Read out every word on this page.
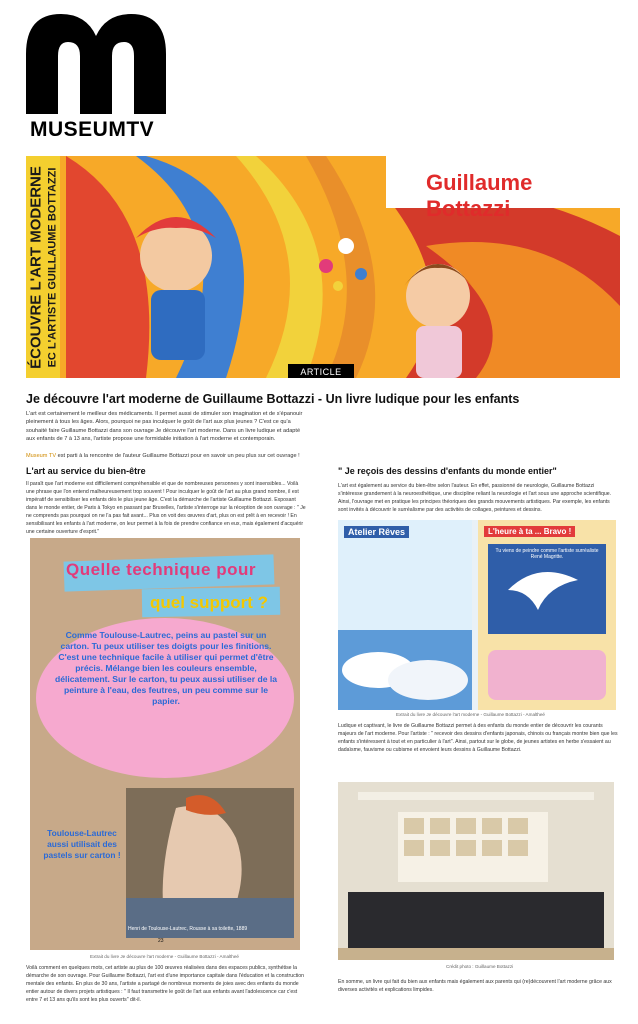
MUSEUMTV
ÉCOUVRE L'ART MODERNE EC L'ARTISTE GUILLAUME BOTTAZZI	Guillaume Bottazzi
ARTICLE
Je découvre l'art moderne de Guillaume Bottazzi - Un livre ludique pour les enfants
L'art est certainement le meilleur des médicaments. Il permet aussi de stimuler son imagination et de s'épanouir pleinement à tous les âges. Alors, pourquoi ne pas inculquer le goût de l'art aux plus jeunes ? C'est ce qu'a souhaité faire Guillaume Bottazzi dans son ouvrage Je découvre l'art moderne. Dans un livre ludique et adapté aux enfants de 7 à 13 ans, l'artiste propose une formidable initiation à l'art moderne et contemporain.
Museum TV est parti à la rencontre de l'auteur Guillaume Bottazzi pour en savoir un peu plus sur cet ouvrage !
L'art au service du bien-être
Il paraît que l'art moderne est difficilement compréhensible et que de nombreuses personnes y sont insensibles... Voilà une phrase que l'on entend malheureusement trop souvent ! Pour inculquer le goût de l'art au plus grand nombre, il est impératif de sensibiliser les enfants dès le plus jeune âge. C'est la démarche de l'artiste Guillaume Bottazzi. Exposant dans le monde entier, de Paris à Tokyo en passant par Bruxelles, l'artiste s'interroge sur la réception de son ouvrage : " Je ne comprends pas pourquoi on ne l'a pas fait avant... Plus on voit des œuvres d'art, plus on est prêt à en recevoir ! En sensibilisant les enfants à l'art moderne, on leur permet à la fois de prendre confiance en eux, mais également d'acquérir une certaine ouverture d'esprit."
Quelle technique pour
quel support ?
Comme Toulouse-Lautrec, peins au pastel sur un carton. Tu peux utiliser tes doigts pour les finitions. C'est une technique facile à utiliser qui permet d'être précis. Mélange bien les couleurs ensemble, délicatement. Sur le carton, tu peux aussi utiliser de la peinture à l'eau, des feutres, un peu comme sur le papier.
Henri de Toulouse-Lautrec, Rousse à sa toilette, 1889
Toulouse-Lautrec aussi utilisait des pastels sur carton !
23
Extrait du livre Je découvre l'art moderne - Guillaume Bottazzi - Amaltheé
Voilà comment en quelques mots, cet artiste au plus de 100 œuvres réalisées dans des espaces publics, synthétise la démarche de son ouvrage. Pour Guillaume Bottazzi, l'art est d'une importance capitale dans l'éducation et la construction mentale des enfants. En plus de 30 ans, l'artiste a partagé de nombreux moments de joies avec des enfants du monde entier autour de divers projets artistiques : " Il faut transmettre le goût de l'art aux enfants avant l'adolescence car c'est entre 7 et 13 ans qu'ils sont les plus ouverts" dit-il.
" Je reçois des dessins d'enfants du monde entier"
L'art est également au service du bien-être selon l'auteur. En effet, passionné de neurologie, Guillaume Bottazzi s'intéresse grandement à la neuroesthétique, une discipline reliant la neurologie et l'art sous une approche scientifique. Ainsi, l'ouvrage met en pratique les principes théoriques des grands mouvements artistiques. Par exemple, les enfants sont invités à découvrir le surréalisme par des activités de collages, peintures et dessins.
Atelier Rêves	L'heure à ta ... Bravo !
Tu viens de peindre comme l'artiste surréaliste René Magritte.
Extrait du livre Je découvre l'art moderne - Guillaume Bottazzi - Amaltheé
Ludique et captivant, le livre de Guillaume Bottazzi permet à des enfants du monde entier de découvrir les courants majeurs de l'art moderne. Pour l'artiste : " recevoir des dessins d'enfants japonais, chinois ou français montre bien que les enfants s'intéressent à tout et en particulier à l'art". Ainsi, partout sur le globe, de jeunes artistes en herbe s'essaient au dadaïsme, fauvisme ou cubisme et envoient leurs dessins à Guillaume Bottazzi.
Crédit photo : Guillaume Bottazzi
En somme, un livre qui fait du bien aux enfants mais également aux parents qui (re)découvrent l'art moderne grâce aux diverses activités et explications limpides.
